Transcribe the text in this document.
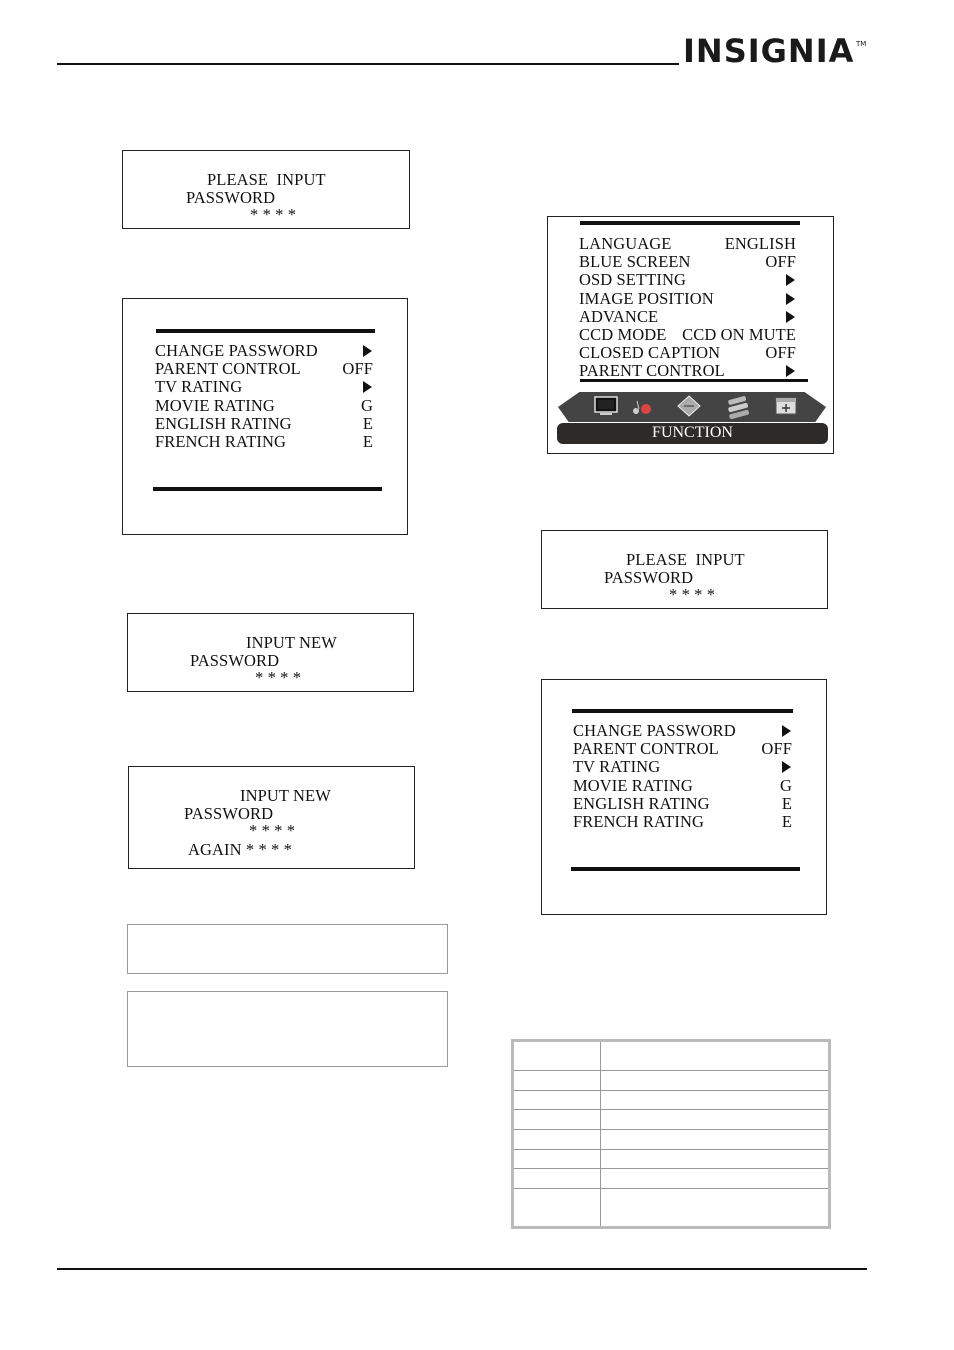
INSIGNIA TM
PLEASE  INPUT
PASSWORD
* * * *
CHANGE PASSWORD
PARENT CONTROL	OFF
TV RATING
MOVIE RATING	G
ENGLISH RATING	E
FRENCH RATING	E
INPUT NEW
PASSWORD
* * * *
INPUT NEW
PASSWORD
* * * *
AGAIN * * * *
FUNCTION
LANGUAGE	ENGLISH
BLUE SCREEN	OFF
OSD SETTING
IMAGE POSITION
ADVANCE
CCD MODE CCD ON MUTE
CLOSED CAPTION	OFF
PARENT CONTROL
PLEASE  INPUT
PASSWORD
* * * *
CHANGE PASSWORD
PARENT CONTROL	OFF
TV RATING
MOVIE RATING	G
ENGLISH RATING	E
FRENCH RATING	E
